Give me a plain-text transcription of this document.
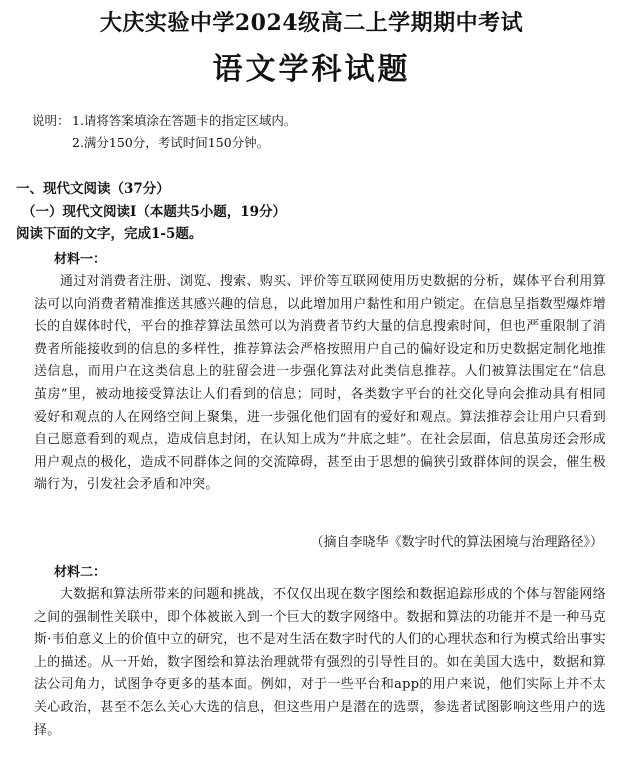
大庆实验中学2024级高二上学期期中考试
语文学科试题
说明： 1.请将答案填涂在答题卡的指定区域内。
2.满分150分，考试时间150分钟。
一、现代文阅读（37分）
（一）现代文阅读Ⅰ（本题共5小题，19分）
阅读下面的文字，完成1-5题。
材料一：
通过对消费者注册、浏览、搜索、购买、评价等互联网使用历史数据的分析，媒体平台利用算法可以向消费者精准推送其感兴趣的信息，以此增加用户黏性和用户锁定。在信息呈指数型爆炸增长的自媒体时代，平台的推荐算法虽然可以为消费者节约大量的信息搜索时间，但也严重限制了消费者所能接收到的信息的多样性，推荐算法会严格按照用户自己的偏好设定和历史数据定制化地推送信息，而用户在这类信息上的驻留会进一步强化算法对此类信息推荐。人们被算法围定在“信息茧房”里，被动地接受算法让人们看到的信息；同时，各类数字平台的社交化导向会推动具有相同爱好和观点的人在网络空间上聚集，进一步强化他们固有的爱好和观点。算法推荐会让用户只看到自己愿意看到的观点，造成信息封闭，在认知上成为“井底之蛙”。在社会层面，信息茧房还会形成用户观点的极化，造成不同群体之间的交流障碍，甚至由于思想的偏狭引致群体间的误会，催生极端行为，引发社会矛盾和冲突。
（摘自李晓华《数字时代的算法困境与治理路径》）
材料二：
大数据和算法所带来的问题和挑战，不仅仅出现在数字图绘和数据追踪形成的个体与智能网络之间的强制性关联中，即个体被嵌入到一个巨大的数字网络中。数据和算法的功能并不是一种马克斯·韦伯意义上的价值中立的研究，也不是对生活在数字时代的人们的心理状态和行为模式给出事实上的描述。从一开始，数字图绘和算法治理就带有强烈的引导性目的。如在美国大选中，数据和算法公司角力，试图争夺更多的基本面。例如，对于一些平台和app的用户来说，他们实际上并不太关心政治，甚至不怎么关心大选的信息，但这些用户是潜在的选票，参选者试图影响这些用户的选择。
